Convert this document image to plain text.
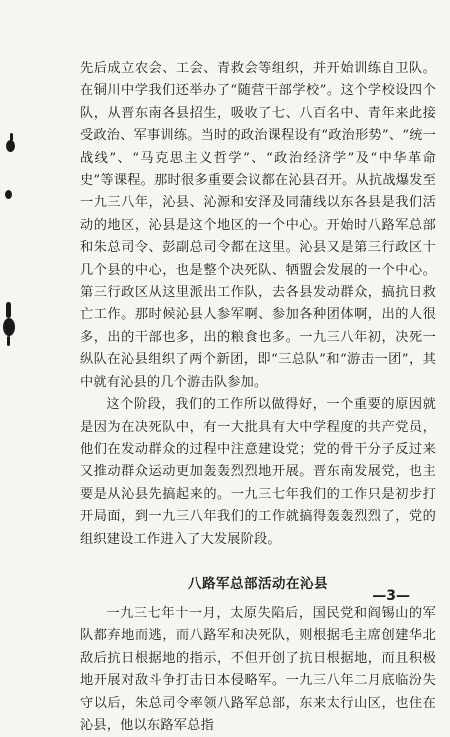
先后成立农会、工会、青救会等组织，并开始训练自卫队。在铜川中学我们还举办了“随营干部学校”。这个学校设四个队，从晋东南各县招生，吸收了七、八百名中、青年来此接受政治、军事训练。当时的政治课程设有“政治形势”、“统一战线”、“马克思主义哲学”、“政治经济学”及“中华革命史”等课程。那时很多重要会议都在沁县召开。从抗战爆发至一九三八年，沁县、沁源和安泽及同蒲线以东各县是我们活动的地区，沁县是这个地区的一个中心。开始时八路军总部和朱总司令、彭副总司令都在这里。沁县又是第三行政区十几个县的中心，也是整个决死队、牺盟会发展的一个中心。第三行政区从这里派出工作队，去各县发动群众，搞抗日救亡工作。那时候沁县人参军啊、参加各种团体啊，出的人很多，出的干部也多，出的粮食也多。一九三八年初，决死一纵队在沁县组织了两个新团，即“三总队”和“游击一团”，其中就有沁县的几个游击队参加。

这个阶段，我们的工作所以做得好，一个重要的原因就是因为在决死队中，有一大批具有大中学程度的共产党员，他们在发动群众的过程中注意建设党；党的骨干分子反过来又推动群众运动更加轰轰烈烈地开展。晋东南发展党，也主要是从沁县先搞起来的。一九三七年我们的工作只是初步打开局面，到一九三八年我们的工作就搞得轰轰烈烈了，党的组织建设工作进入了大发展阶段。

八路军总部活动在沁县

一九三七年十一月，太原失陷后，国民党和阎锡山的军队都弃地而逃，而八路军和决死队，则根据毛主席创建华北敌后抗日根据地的指示，不但开创了抗日根据地，而且积极地开展对敌斗争打击日本侵略军。一九三八年二月底临汾失守以后，朱总司令率领八路军总部，东来太行山区，也住在沁县，他以东路军总指

—3—
